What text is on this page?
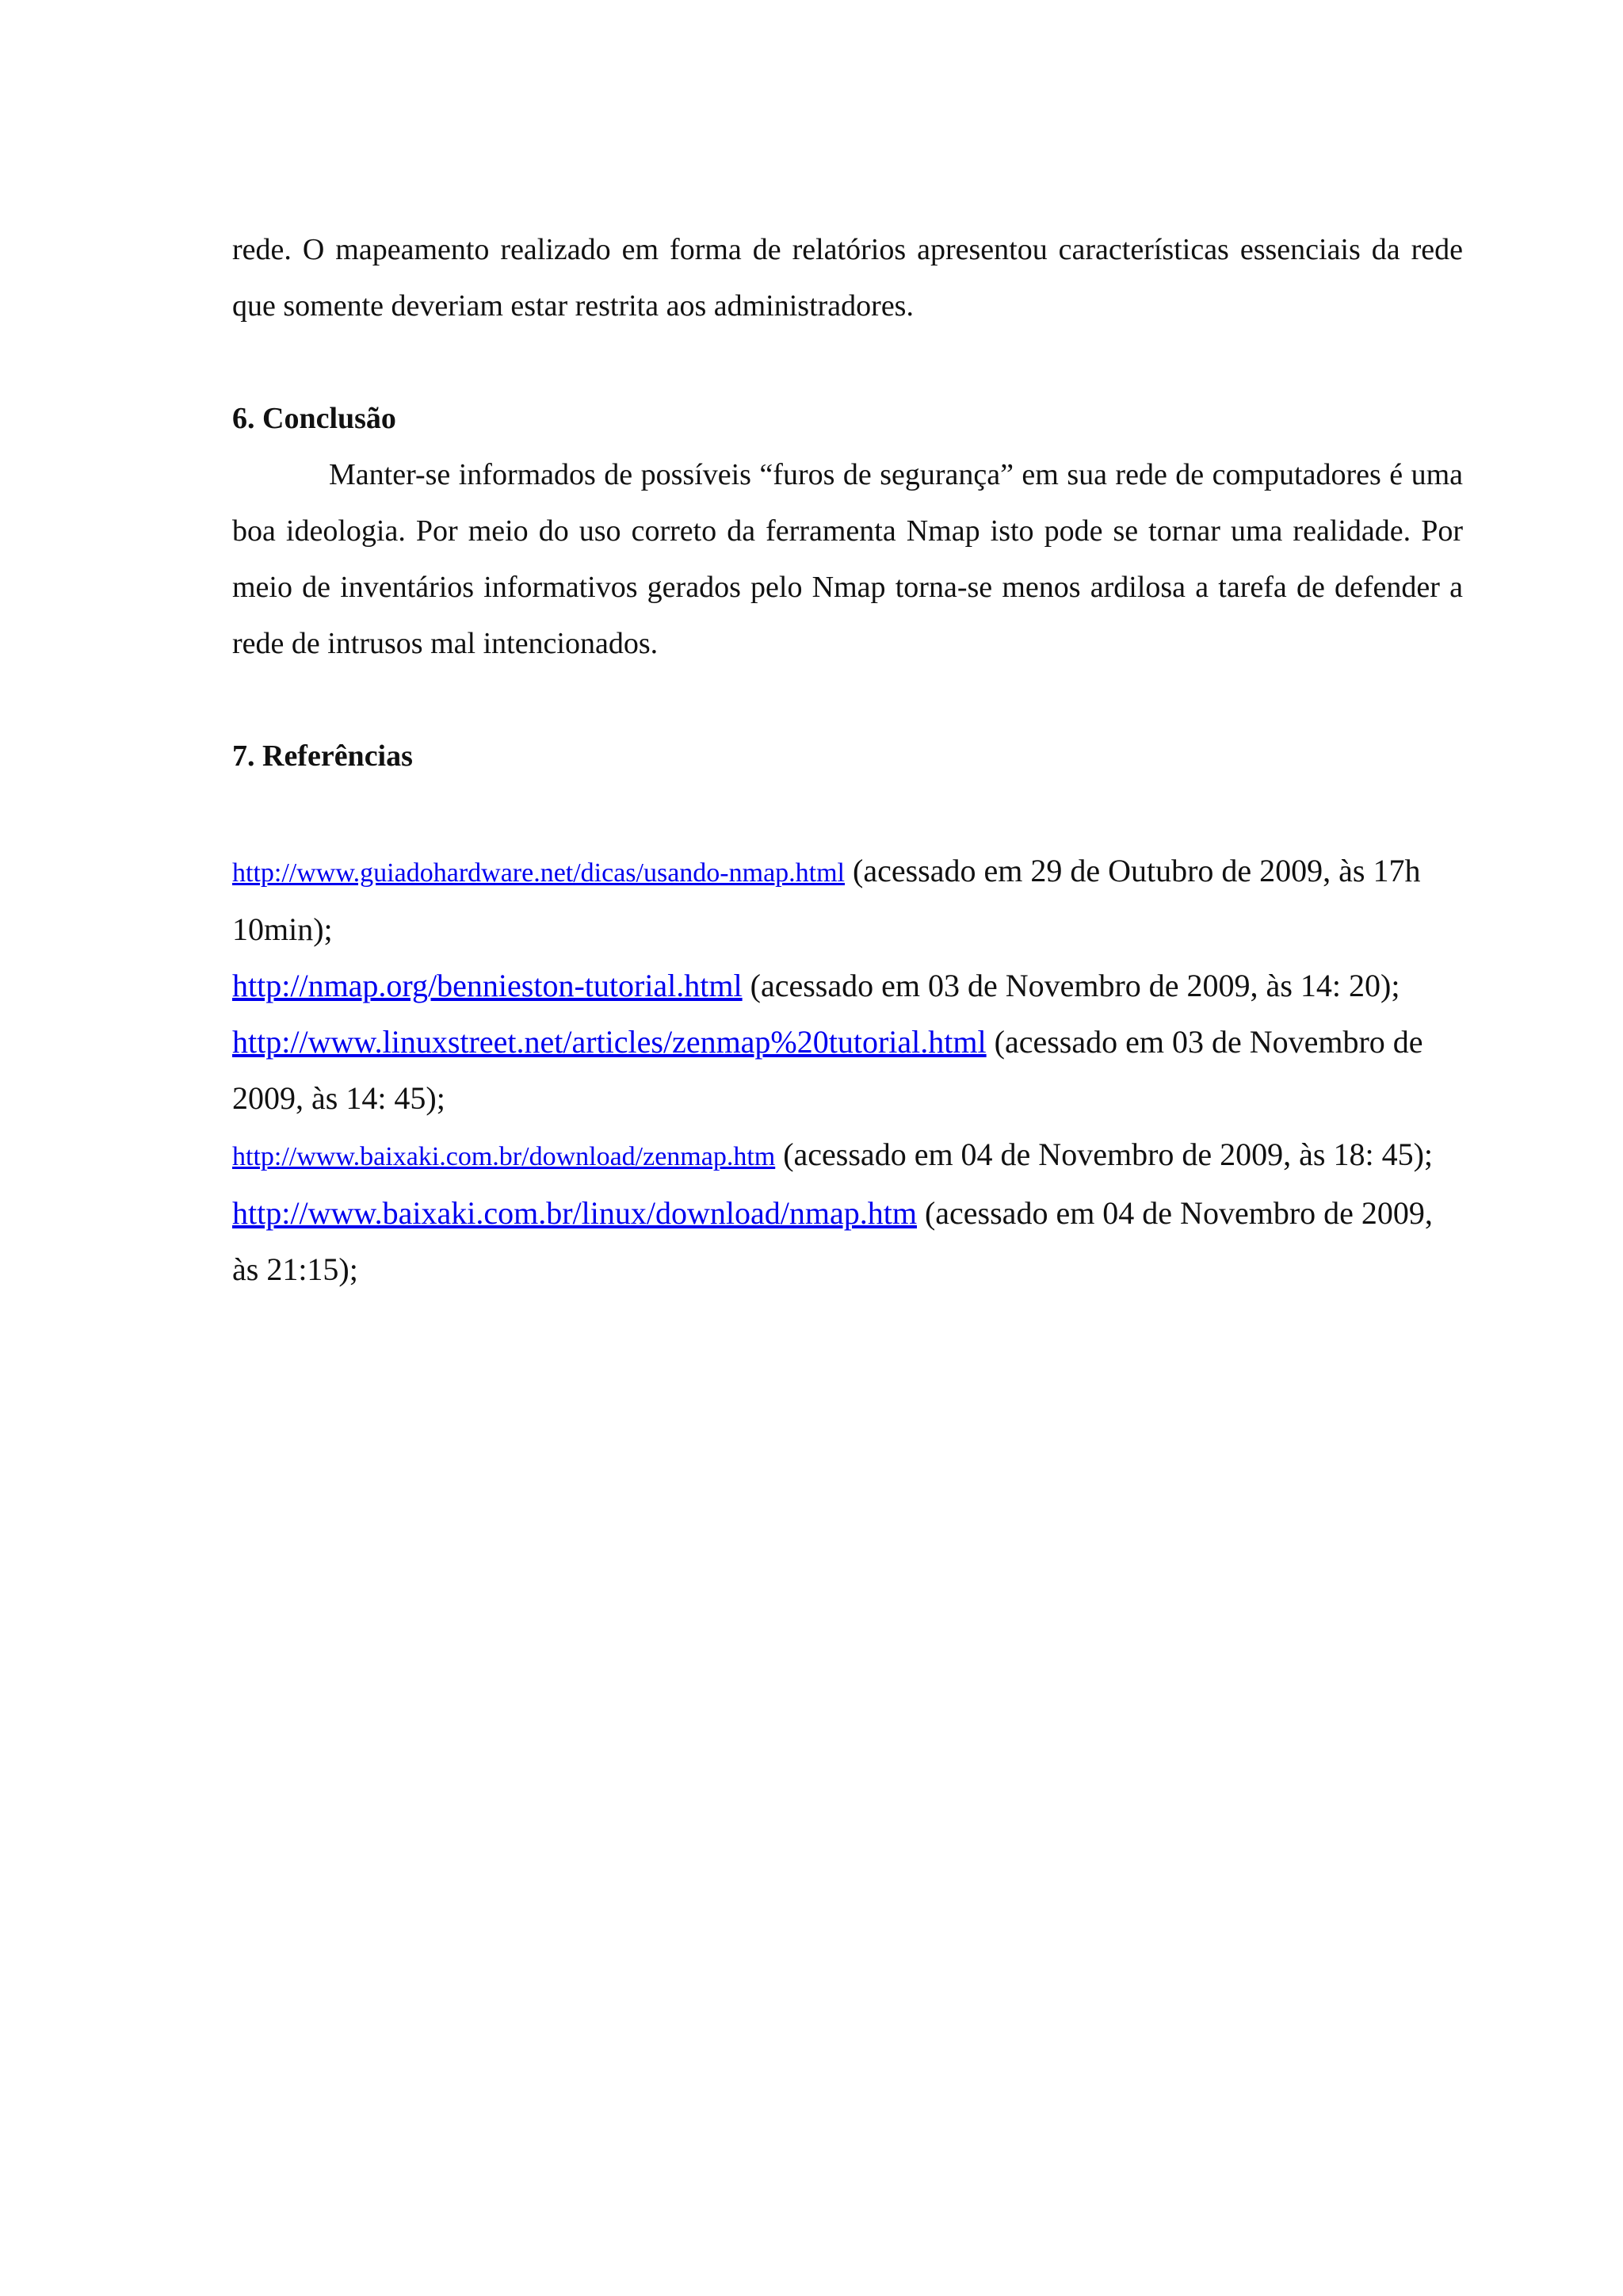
rede. O mapeamento realizado em forma de relatórios apresentou características essenciais da rede que somente deveriam estar restrita aos administradores.

6. Conclusão

Manter-se informados de possíveis “furos de segurança” em sua rede de computadores é uma boa ideologia. Por meio do uso correto da ferramenta Nmap isto pode se tornar uma realidade. Por meio de inventários informativos gerados pelo Nmap torna-se menos ardilosa a tarefa de defender a rede de intrusos mal intencionados.

7. Referências
http://www.guiadohardware.net/dicas/usando-nmap.html (acessado em 29 de Outubro de 2009, às 17h 10min);
http://nmap.org/bennieston-tutorial.html (acessado em 03 de Novembro de 2009, às 14: 20);
http://www.linuxstreet.net/articles/zenmap%20tutorial.html (acessado em 03 de Novembro de 2009, às 14: 45);
http://www.baixaki.com.br/download/zenmap.htm (acessado em 04 de Novembro de 2009, às 18: 45);
http://www.baixaki.com.br/linux/download/nmap.htm (acessado em 04 de Novembro de 2009, às 21:15);
